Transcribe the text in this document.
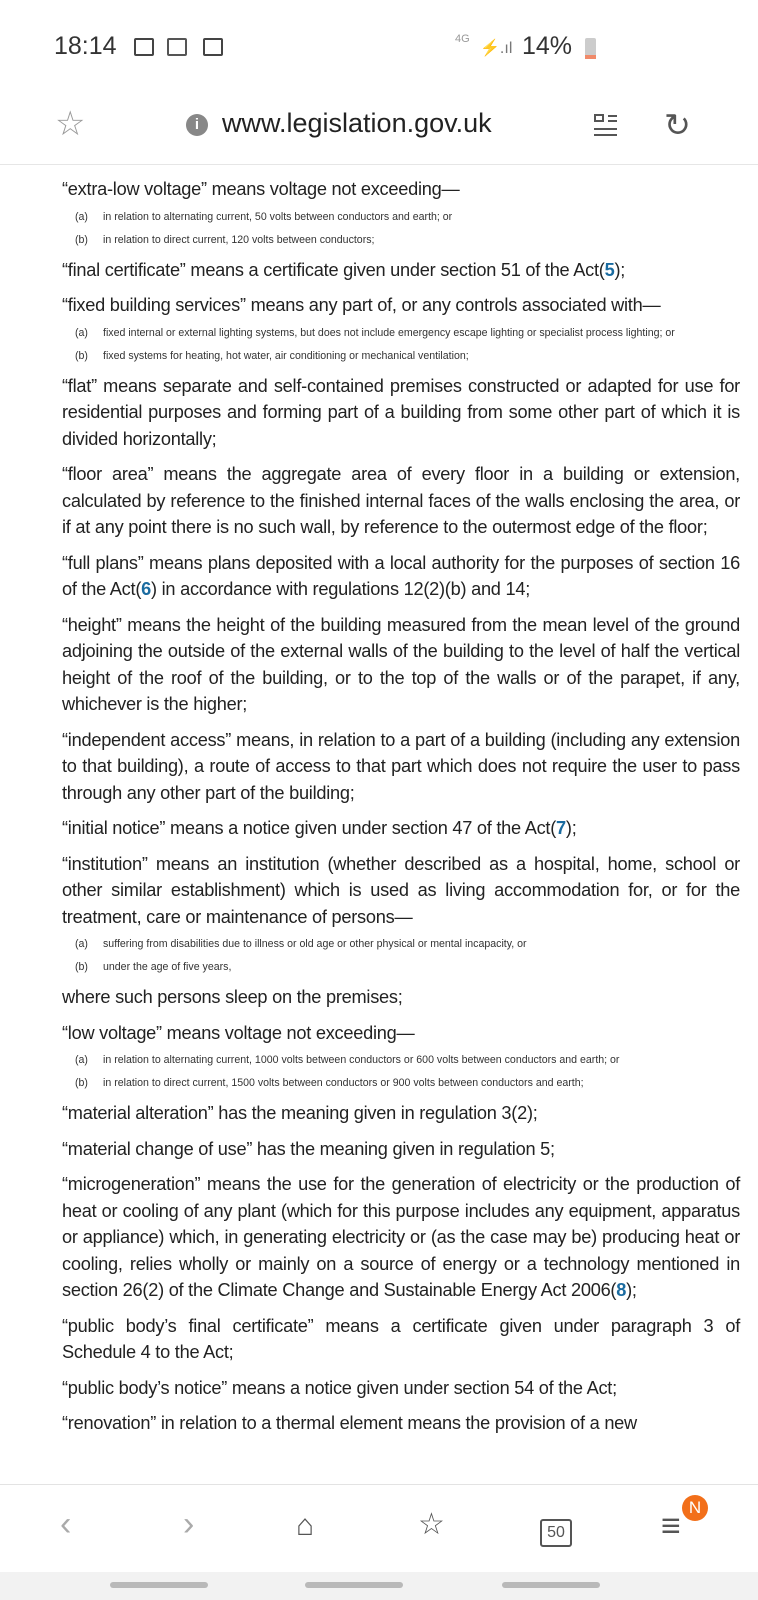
18:14	4G
⚡.ıl 14%
☆	i www.legislation.gov.uk	↻

“extra-low voltage” means voltage not exceeding—

(a)	in relation to alternating current, 50 volts between conductors and earth; or
(b)	in relation to direct current, 120 volts between conductors;

“final certificate” means a certificate given under section 51 of the Act(5);

“fixed building services” means any part of, or any controls associated with—

(a)	fixed internal or external lighting systems, but does not include emergency escape lighting or specialist process lighting; or
(b)	fixed systems for heating, hot water, air conditioning or mechanical ventilation;

“flat” means separate and self-contained premises constructed or adapted for use for residential purposes and forming part of a building from some other part of which it is divided horizontally;

“floor area” means the aggregate area of every floor in a building or extension, calculated by reference to the finished internal faces of the walls enclosing the area, or if at any point there is no such wall, by reference to the outermost edge of the floor;

“full plans” means plans deposited with a local authority for the purposes of section 16 of the Act(6) in accordance with regulations 12(2)(b) and 14;

“height” means the height of the building measured from the mean level of the ground adjoining the outside of the external walls of the building to the level of half the vertical height of the roof of the building, or to the top of the walls or of the parapet, if any, whichever is the higher;

“independent access” means, in relation to a part of a building (including any extension to that building), a route of access to that part which does not require the user to pass through any other part of the building;

“initial notice” means a notice given under section 47 of the Act(7);

“institution” means an institution (whether described as a hospital, home, school or other similar establishment) which is used as living accommodation for, or for the treatment, care or maintenance of persons—

(a)	suffering from disabilities due to illness or old age or other physical or mental incapacity, or
(b)	under the age of five years,

where such persons sleep on the premises;

“low voltage” means voltage not exceeding—

(a)	in relation to alternating current, 1000 volts between conductors or 600 volts between conductors and earth; or
(b)	in relation to direct current, 1500 volts between conductors or 900 volts between conductors and earth;

“material alteration” has the meaning given in regulation 3(2);

“material change of use” has the meaning given in regulation 5;

“microgeneration” means the use for the generation of electricity or the production of heat or cooling of any plant (which for this purpose includes any equipment, apparatus or appliance) which, in generating electricity or (as the case may be) producing heat or cooling, relies wholly or mainly on a source of energy or a technology mentioned in section 26(2) of the Climate Change and Sustainable Energy Act 2006(8);

“public body’s final certificate” means a certificate given under paragraph 3 of Schedule 4 to the Act;

“public body’s notice” means a notice given under section 54 of the Act;

“renovation” in relation to a thermal element means the provision of a new

‹	›	⌂	☆	50	≡ N
